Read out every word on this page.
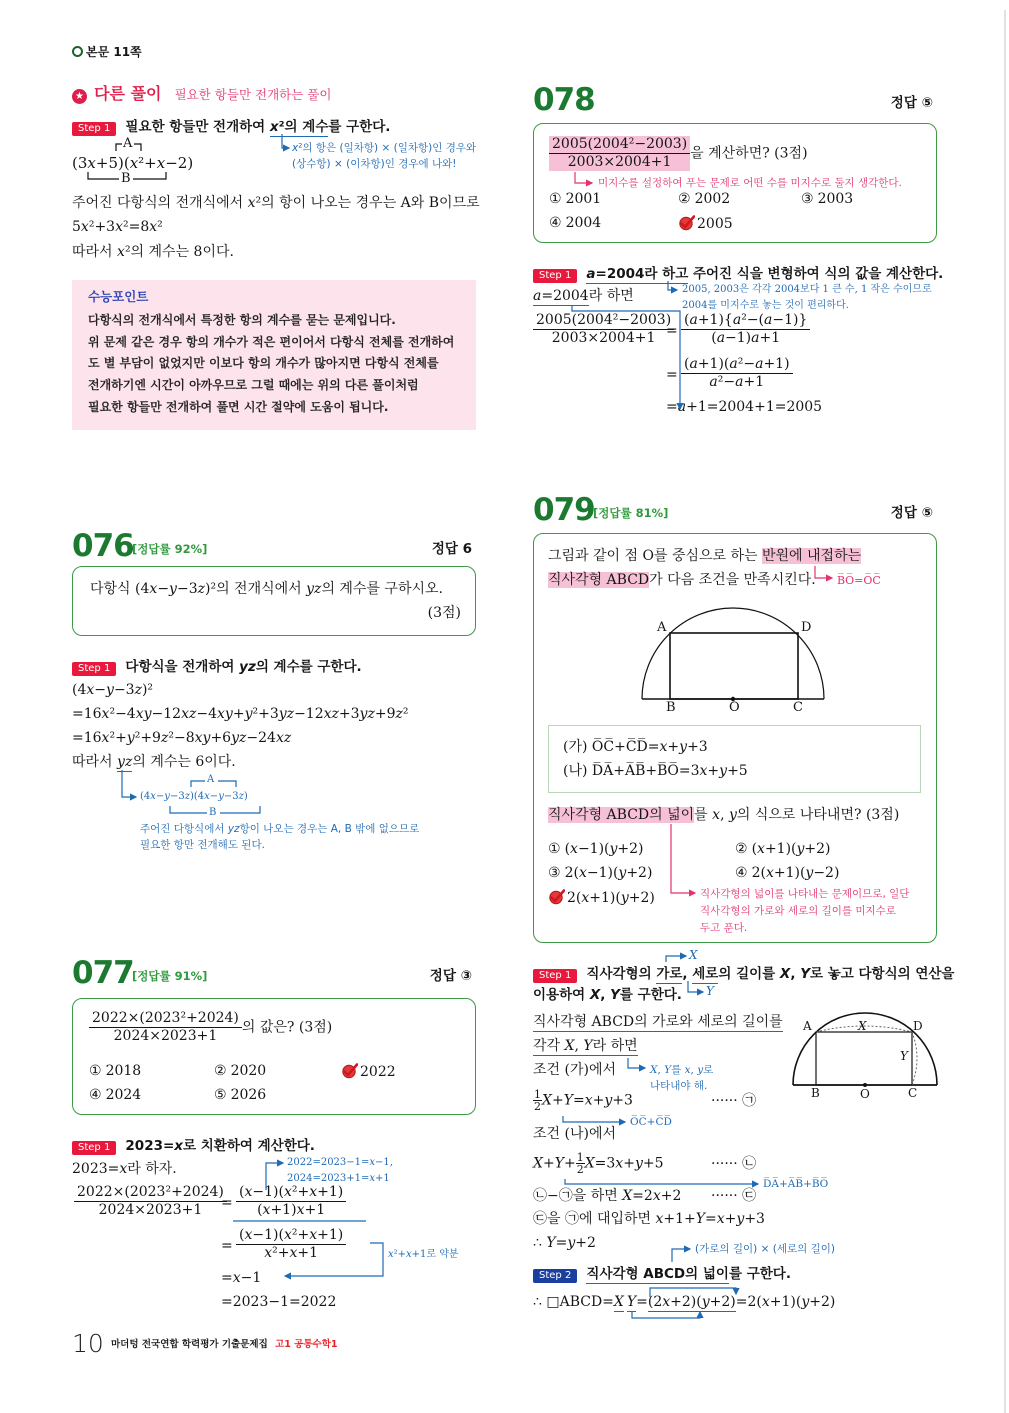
본문 11쪽
★ 다른 풀이 필요한 항들만 전개하는 풀이
Step 1 필요한 항들만 전개하여 x²의 계수를 구한다.
x²의 항은 (일차항) × (일차항)인 경우와
(상수항) × (이차항)인 경우에 나와!
A
(3x+5)(x²+x−2)
B
주어진 다항식의 전개식에서 x²의 항이 나오는 경우는 A와 B이므로
5x²+3x²=8x²
따라서 x²의 계수는 8이다.
수능포인트
다항식의 전개식에서 특정한 항의 계수를 묻는 문제입니다.
위 문제 같은 경우 항의 개수가 적은 편이어서 다항식 전체를 전개하여
도 별 부담이 없었지만 이보다 항의 개수가 많아지면 다항식 전체를
전개하기엔 시간이 아까우므로 그럴 때에는 위의 다른 풀이처럼
필요한 항들만 전개하여 풀면 시간 절약에 도움이 됩니다.
076
[정답률 92%]	정답 6
다항식 (4x−y−3z)²의 전개식에서 yz의 계수를 구하시오.
(3점)
Step 1 다항식을 전개하여 yz의 계수를 구한다.
(4x−y−3z)²
=16x²−4xy−12xz−4xy+y²+3yz−12xz+3yz+9z²
=16x²+y²+9z²−8xy+6yz−24xz
따라서 yz의 계수는 6이다.
A
(4x−y−3z)(4x−y−3z)
B
주어진 다항식에서 yz항이 나오는 경우는 A, B 밖에 없으므로
필요한 항만 전개해도 된다.
077
[정답률 91%]	정답 ③
$\frac{\text{2022×(2023²+2024)}}{2024\times 2023+1}$ 의 값은? (3점)
① 2018	② 2020	2022
④ 2024	⑤ 2026
Step 1 2023=x로 치환하여 계산한다.
2023=x라 하자.	2022=2023−1=x−1,
2024=2023+1=x+1
$\frac{\text{2022×(2023²+2024)}}{2024\times 2023+1}$
= $\frac{\text{(x−1)(x²+x+1)}}{(x+1)x+1}$
= $\frac{\text{(x−1)(x²+x+1)}}{\text{x²+x+1}}$	x²+x+1로 약분
=x−1
=2023−1=2022
10 마더텅 전국연합 학력평가 기출문제집 고1 공통수학1
078	정답 ⑤
$\frac{\text{2005(2004²−2003)}}{2003\times 2004+1}$ 을 계산하면? (3점)
미지수를 설정하여 푸는 문제로 어떤 수를 미지수로 둘지 생각한다.
① 2001	② 2002	③ 2003
④ 2004	2005
Step 1 a=2004라 하고 주어진 식을 변형하여 식의 값을 계산한다.
2005, 2003은 각각 2004보다 1 큰 수, 1 작은 수이므로
2004를 미지수로 놓는 것이 편리하다.
a=2004라 하면
$\frac{\text{2005(2004²−2003)}}{2003\times 2004+1}$
= $\frac{\text{(a+1)\{a²−(a−1)\}}}{(a-1)a+1}$
= $\frac{\text{(a+1)(a²−a+1)}}{\text{a²−a+1}}$
=a+1=2004+1=2005
079
[정답률 81%]	정답 ⑤
그림과 같이 점 O를 중심으로 하는 반원에 내접하는
직사각형 ABCD가 다음 조건을 만족시킨다. B̅O̅=O̅C̅
A	D
B	O	C
(가) O̅C̅+C̅D̅=x+y+3
(나) D̅A̅+A̅B̅+B̅O̅=3x+y+5
직사각형 ABCD의 넓이를 x, y의 식으로 나타내면? (3점)
① (x−1)(y+2)	② (x+1)(y+2)
③ 2(x−1)(y+2)	④ 2(x+1)(y−2)
2(x+1)(y+2)	직사각형의 넓이를 나타내는 문제이므로, 일단
직사각형의 가로와 세로의 길이를 미지수로
두고 푼다.
Step 1 직사각형의 가로, 세로의 길이를 X, Y로 놓고 다항식의 연산을
이용하여 X, Y를 구한다.
X
Y
직사각형 ABCD의 가로와 세로의 길이를
각각 X, Y라 하면
조건 (가)에서	X, Y를 x, y로
나타내야 해.
$\frac{1}{2} X+Y=x+y+3$	······ ㉠
O̅C̅+C̅D̅
조건 (나)에서
$X+Y+ \frac{1}{2} X=3x+y+5$	······ ㉡
D̅A̅+A̅B̅+B̅O̅
㉡−㉠을 하면 X=2x+2 ······ ㉢
㉢을 ㉠에 대입하면 x+1+Y=x+y+3
∴ Y=y+2
A	D
B	O	C
X
Y
(가로의 길이) × (세로의 길이)
Step 2 직사각형 ABCD의 넓이를 구한다.
∴ □ABCD=X Y=(2x+2)(y+2)=2(x+1)(y+2)
